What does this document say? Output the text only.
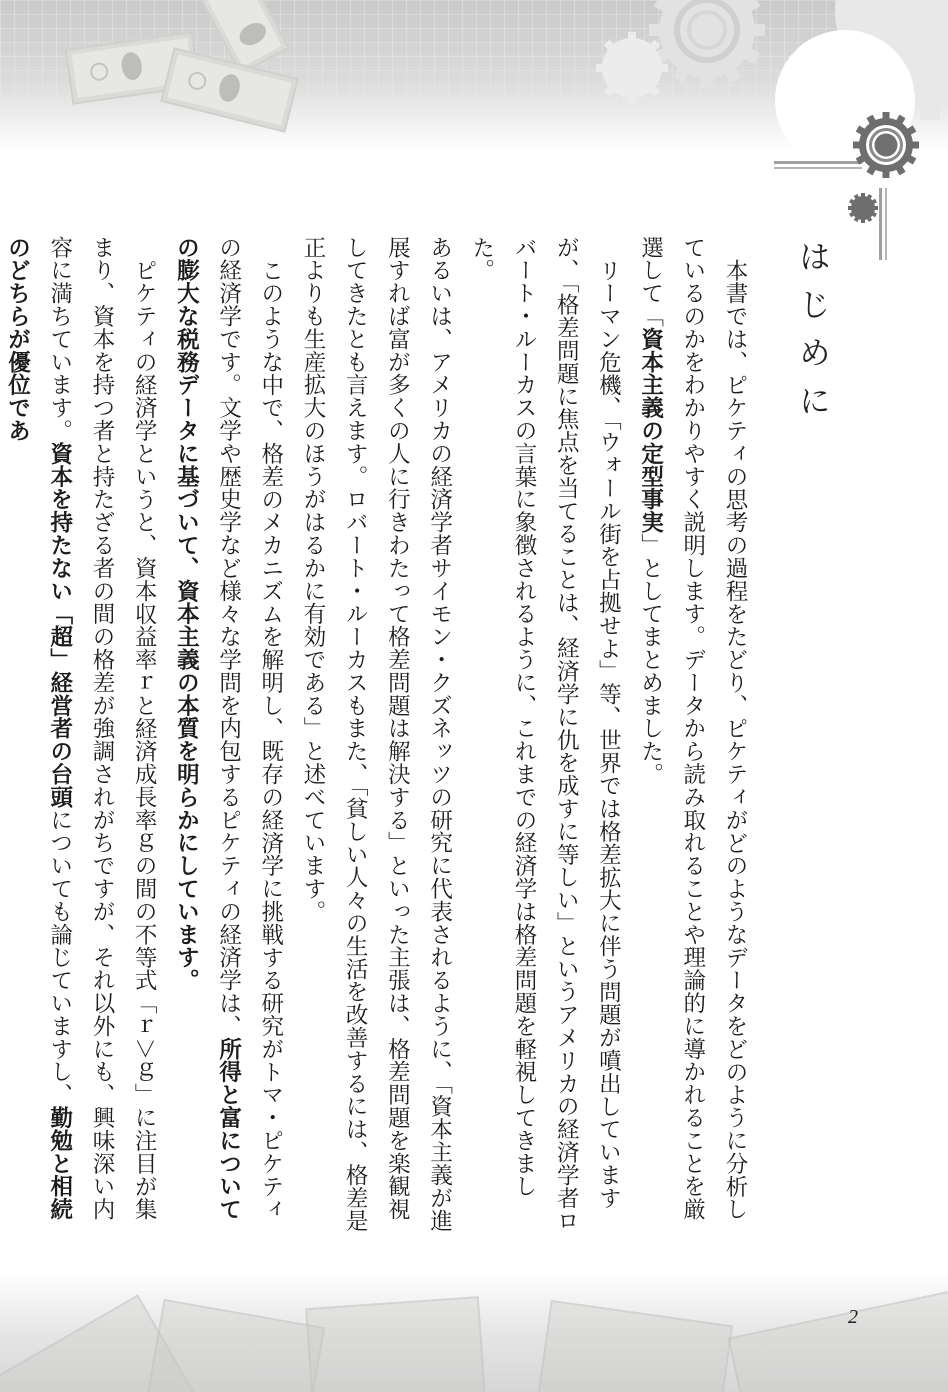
はじめに

本書では、ピケティの思考の過程をたどり、ピケティがどのようなデータをどのように分析しているのかをわかりやすく説明します。データから読み取れることや理論的に導かれることを厳選して「資本主義の定型事実」としてまとめました。

リーマン危機、「ウォール街を占拠せよ」等、世界では格差拡大に伴う問題が噴出していますが、「格差問題に焦点を当てることは、経済学に仇を成すに等しい」というアメリカの経済学者ロバート・ルーカスの言葉に象徴されるように、これまでの経済学は格差問題を軽視してきました。

あるいは、アメリカの経済学者サイモン・クズネッツの研究に代表されるように、「資本主義が進展すれば富が多くの人に行きわたって格差問題は解決する」といった主張は、格差問題を楽観視してきたとも言えます。ロバート・ルーカスもまた、「貧しい人々の生活を改善するには、格差是正よりも生産拡大のほうがはるかに有効である」と述べています。

このような中で、格差のメカニズムを解明し、既存の経済学に挑戦する研究がトマ・ピケティの経済学です。文学や歴史学など様々な学問を内包するピケティの経済学は、所得と富についての膨大な税務データに基づいて、資本主義の本質を明らかにしています。

ピケティの経済学というと、資本収益率ｒと経済成長率ｇの間の不等式「ｒ＞ｇ」に注目が集まり、資本を持つ者と持たざる者の間の格差が強調されがちですが、それ以外にも、興味深い内容に満ちています。資本を持たない「超」経営者の台頭についても論じていますし、勤勉と相続のどちらが優位であ

2
